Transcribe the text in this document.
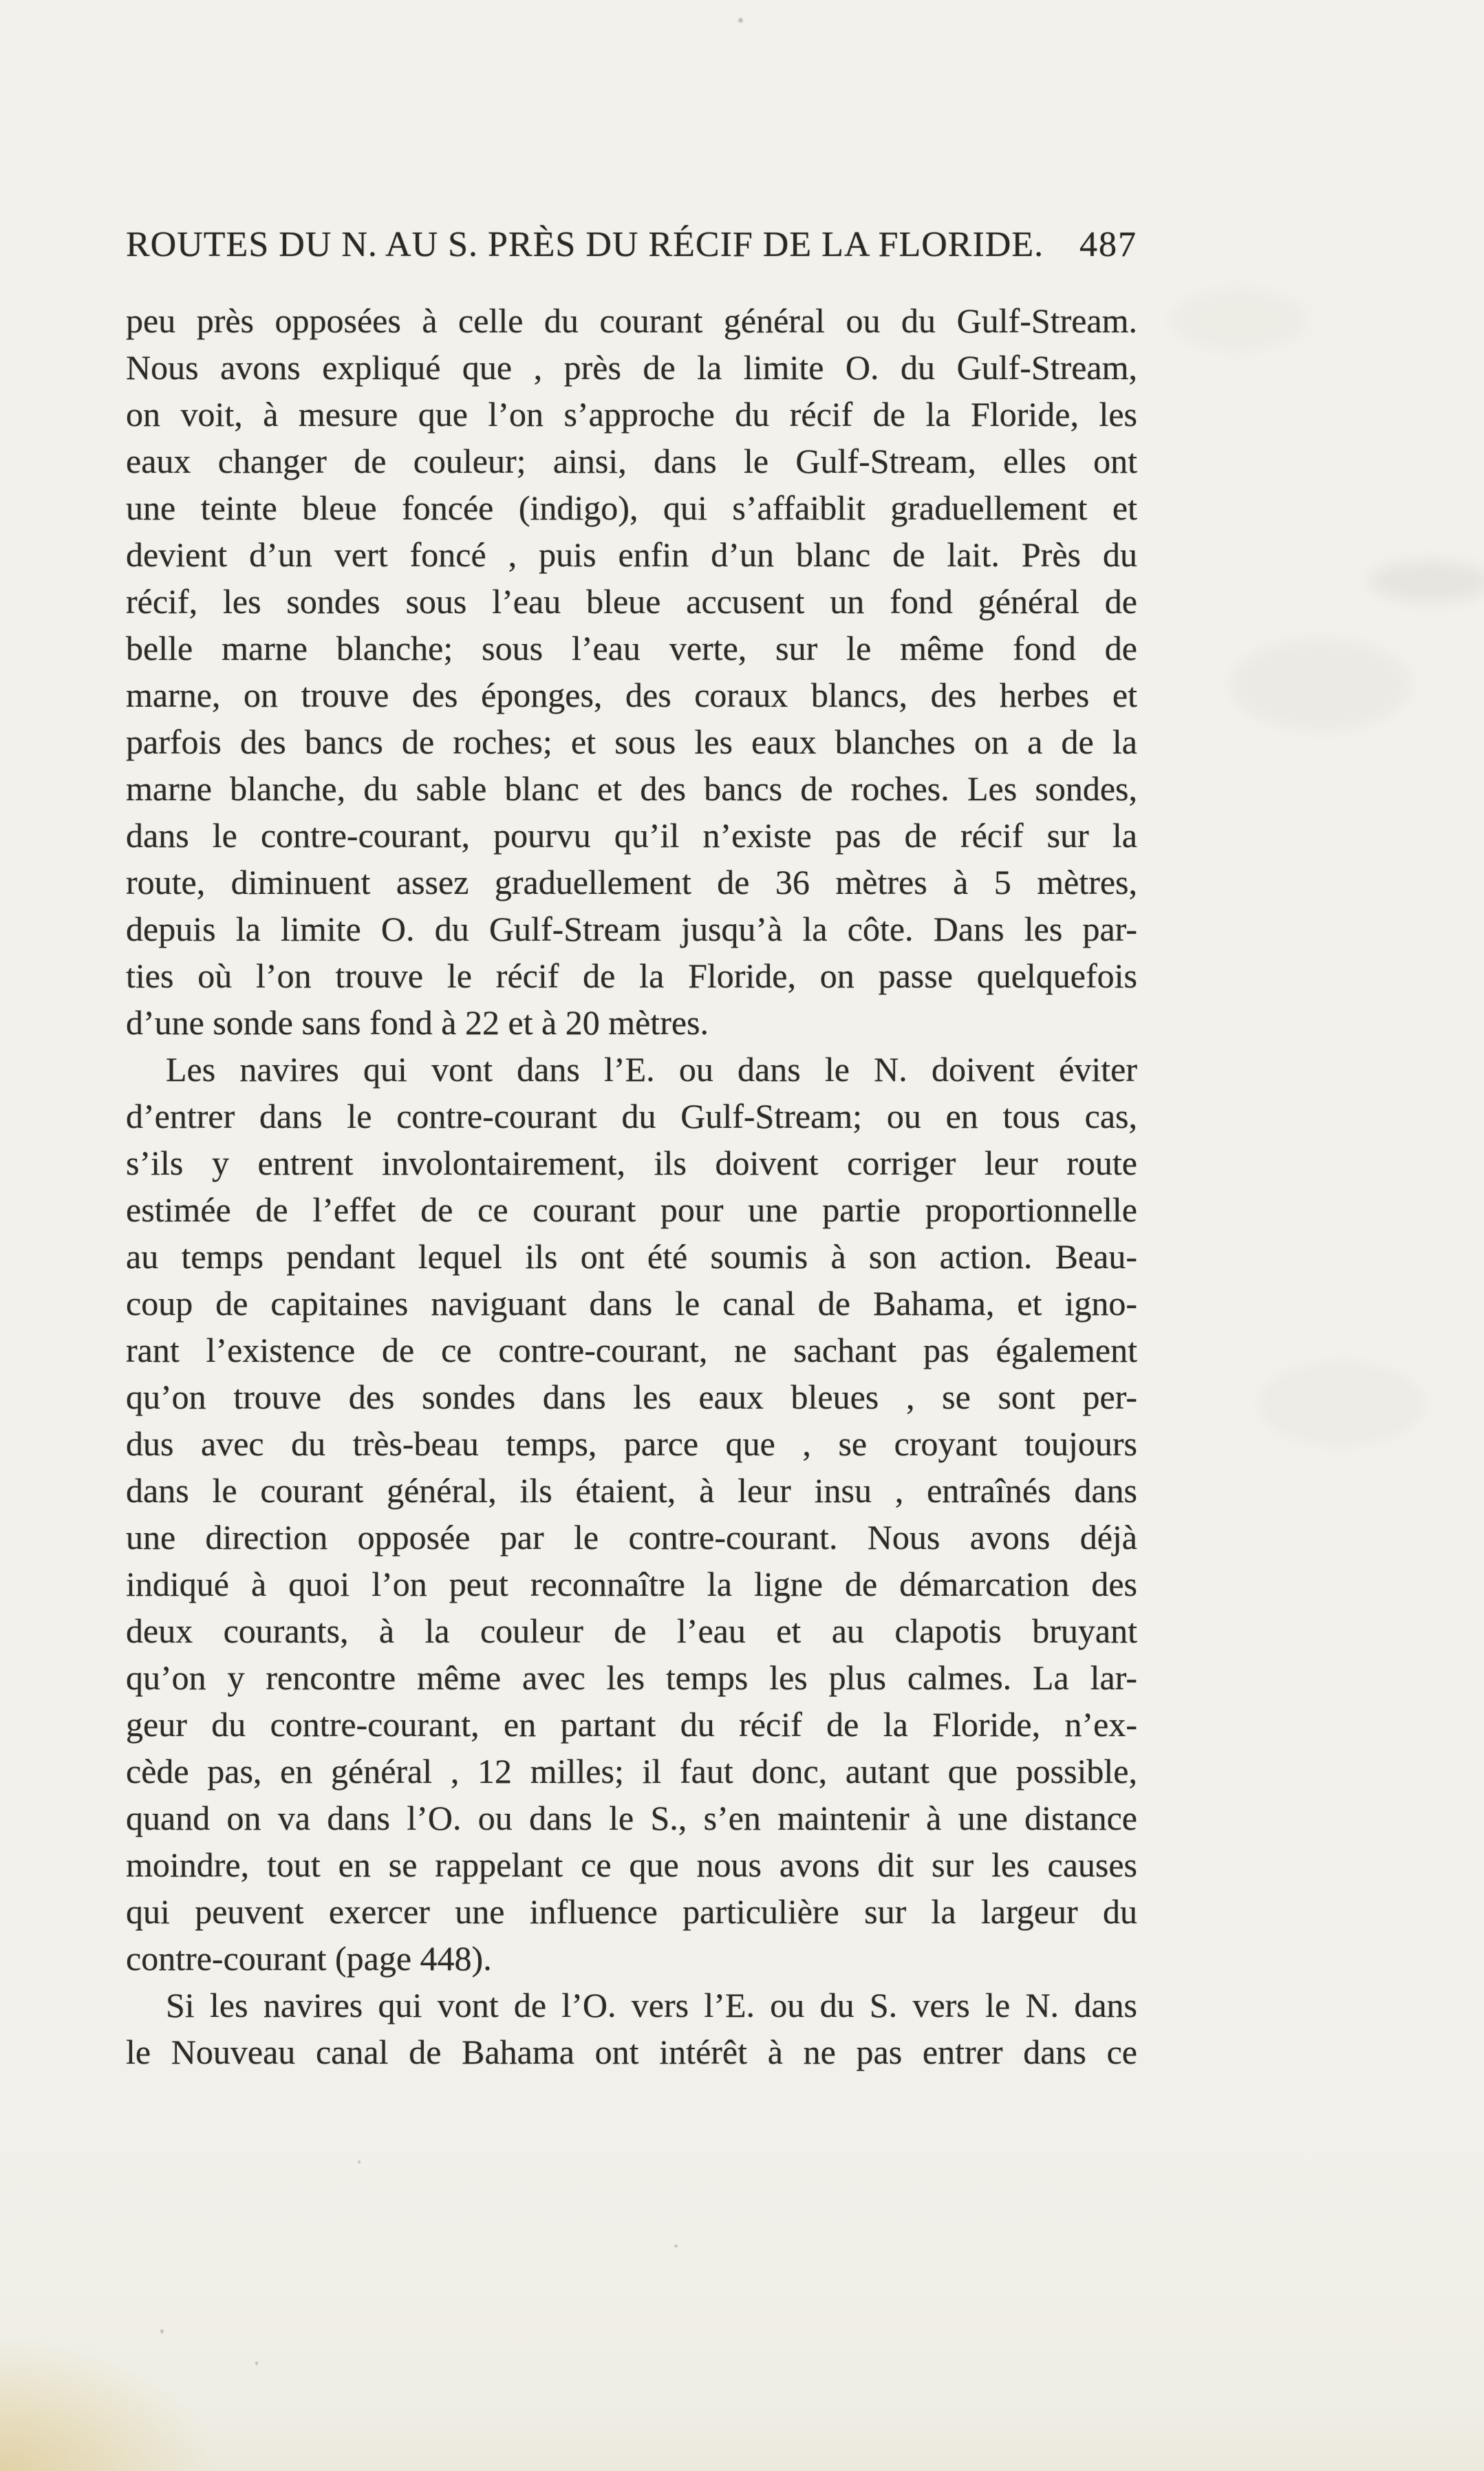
ROUTES DU N. AU S. PRÈS DU RÉCIF DE LA FLORIDE. 487
peu près opposées à celle du courant général ou du Gulf-Stream.
Nous avons expliqué que , près de la limite O. du Gulf-Stream,
on voit, à mesure que l’on s’approche du récif de la Floride, les
eaux changer de couleur; ainsi, dans le Gulf-Stream, elles ont
une teinte bleue foncée (indigo), qui s’affaiblit graduellement et
devient d’un vert foncé , puis enfin d’un blanc de lait. Près du
récif, les sondes sous l’eau bleue accusent un fond général de
belle marne blanche; sous l’eau verte, sur le même fond de
marne, on trouve des éponges, des coraux blancs, des herbes et
parfois des bancs de roches; et sous les eaux blanches on a de la
marne blanche, du sable blanc et des bancs de roches. Les sondes,
dans le contre-courant, pourvu qu’il n’existe pas de récif sur la
route, diminuent assez graduellement de 36 mètres à 5 mètres,
depuis la limite O. du Gulf-Stream jusqu’à la côte. Dans les par-
ties où l’on trouve le récif de la Floride, on passe quelquefois
d’une sonde sans fond à 22 et à 20 mètres.
Les navires qui vont dans l’E. ou dans le N. doivent éviter
d’entrer dans le contre-courant du Gulf-Stream; ou en tous cas,
s’ils y entrent involontairement, ils doivent corriger leur route
estimée de l’effet de ce courant pour une partie proportionnelle
au temps pendant lequel ils ont été soumis à son action. Beau-
coup de capitaines naviguant dans le canal de Bahama, et igno-
rant l’existence de ce contre-courant, ne sachant pas également
qu’on trouve des sondes dans les eaux bleues , se sont per-
dus avec du très-beau temps, parce que , se croyant toujours
dans le courant général, ils étaient, à leur insu , entraînés dans
une direction opposée par le contre-courant. Nous avons déjà
indiqué à quoi l’on peut reconnaître la ligne de démarcation des
deux courants, à la couleur de l’eau et au clapotis bruyant
qu’on y rencontre même avec les temps les plus calmes. La lar-
geur du contre-courant, en partant du récif de la Floride, n’ex-
cède pas, en général , 12 milles; il faut donc, autant que possible,
quand on va dans l’O. ou dans le S., s’en maintenir à une distance
moindre, tout en se rappelant ce que nous avons dit sur les causes
qui peuvent exercer une influence particulière sur la largeur du
contre-courant (page 448).
Si les navires qui vont de l’O. vers l’E. ou du S. vers le N. dans
le Nouveau canal de Bahama ont intérêt à ne pas entrer dans ce
